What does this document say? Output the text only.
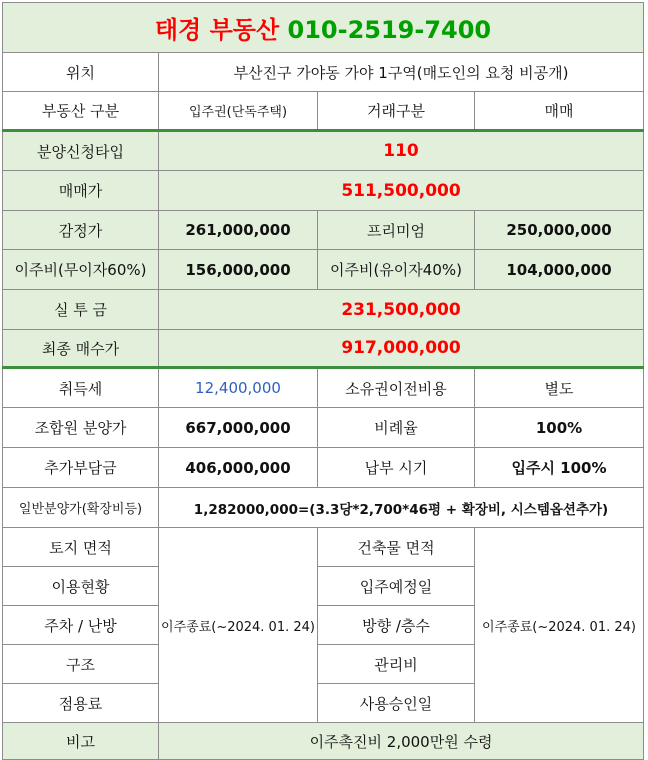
태경 부동산 010-2519-7400			
위치	부산진구 가야동 가야 1구역(매도인의 요청 비공개)		
부동산 구분	입주권(단독주택)	거래구분	매매
분양신청타입	110		
매매가	511,500,000		
감정가	261,000,000	프리미엄	250,000,000
이주비(무이자60%)	156,000,000	이주비(유이자40%)	104,000,000
실 투 금	231,500,000		
최종 매수가	917,000,000		
취득세	12,400,000	소유권이전비용	별도
조합원 분양가	667,000,000	비례율	100%
추가부담금	406,000,000	납부 시기	입주시 100%
일반분양가(확장비등)	1,282000,000=(3.3당*2,700*46평 + 확장비, 시스템옵션추가)		
토지 면적	이주종료(~2024. 01. 24)	건축물 면적	이주종료(~2024. 01. 24)
이용현황		입주예정일	
주차 / 난방		방향 /층수	
구조		관리비	
점용료		사용승인일	
비고	이주촉진비 2,000만원 수령		
